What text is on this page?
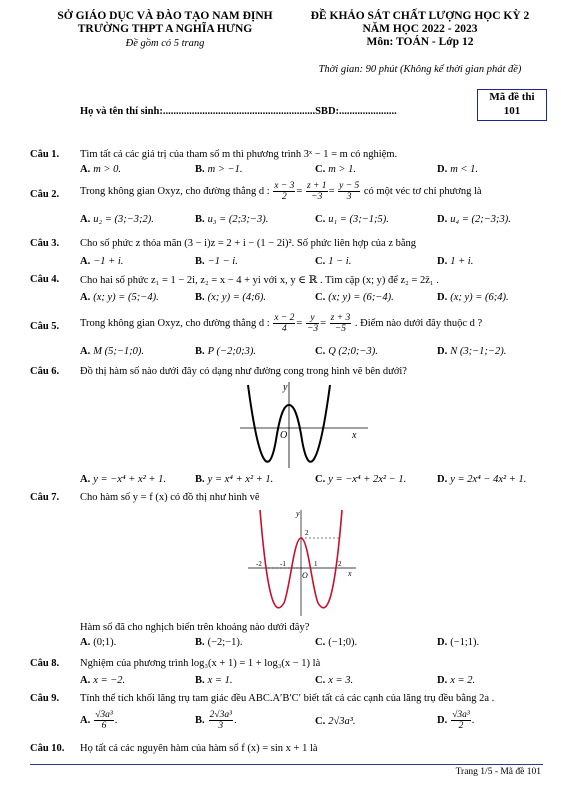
SỞ GIÁO DỤC VÀ ĐÀO TẠO NAM ĐỊNH
TRƯỜNG THPT A NGHĨA HƯNG
Đề gồm có 5 trang
ĐỀ KHẢO SÁT CHẤT LƯỢNG HỌC KỲ 2
NĂM HỌC 2022 - 2023
Môn: TOÁN - Lớp 12
Thời gian: 90 phút (Không kể thời gian phát đề)
Mã đề thi
101
Họ và tên thí sinh:..........................................................SBD:......................
Câu 1. Tìm tất cả các giá trị của tham số m thì phương trình 3ˣ − 1 = m có nghiệm.
A. m > 0.	B. m > −1.	C. m > 1.	D. m < 1.
Câu 2. Trong không gian Oxyz, cho đường thẳng d : $\frac{x - 3}{2} = \frac{z + 1}{-3} = \frac{y - 5}{3}$ có một véc tơ chỉ phương là
A. u₂ = (3;−3;2).	B. u₃ = (2;3;−3).	C. u₁ = (3;−1;5).	D. u₄ = (2;−3;3).
Câu 3. Cho số phức z thỏa mãn (3 − i)z = 2 + i − (1 − 2i)². Số phức liên hợp của z bằng
A. −1 + i.	B. −1 − i.	C. 1 − i.	D. 1 + i.
Câu 4. Cho hai số phức z₁ = 1 − 2i, z₂ = x − 4 + yi với x, y ∈ ℝ . Tìm cặp (x; y) để z₂ = 2z̄₁ .
A. (x; y) = (5;−4).	B. (x; y) = (4;6).	C. (x; y) = (6;−4).	D. (x; y) = (6;4).
Câu 5. Trong không gian Oxyz, cho đường thẳng d : $\frac{x - 2}{4} = \frac{y}{-3} = \frac{z + 3}{-5}$ . Điểm nào dưới đây thuộc d ?
A. M (5;−1;0).	B. P (−2;0;3).	C. Q (2;0;−3).	D. N (3;−1;−2).
Câu 6. Đồ thị hàm số nào dưới đây có dạng như đường cong trong hình vẽ bên dưới?
y
x
O
A. y = −x⁴ + x² + 1.	B. y = x⁴ + x² + 1.	C. y = −x⁴ + 2x² − 1.	D. y = 2x⁴ − 4x² + 1.
Câu 7. Cho hàm số y = f (x) có đồ thị như hình vẽ
y
x
O
-2	-1	1	2
2
Hàm số đã cho nghịch biến trên khoảng nào dưới đây?
A. (0;1).	B. (−2;−1).	C. (−1;0).	D. (−1;1).
Câu 8. Nghiệm của phương trình log₃(x + 1) = 1 + log₃(x − 1) là
A. x = −2.	B. x = 1.	C. x = 3.	D. x = 2.
Câu 9. Tính thể tích khối lăng trụ tam giác đều ABC.A′B′C′ biết tất cả các cạnh của lăng trụ đều bằng 2a .
A. $\frac{\text{√3a³}}{6}$ .	B. $\frac{\text{2√3a³}}{3}$ .	C. 2√3a³.	D. $\frac{\text{√3a³}}{2}$ .
Câu 10. Họ tất cả các nguyên hàm của hàm số f (x) = sin x + 1 là
Trang 1/5 - Mã đề 101
